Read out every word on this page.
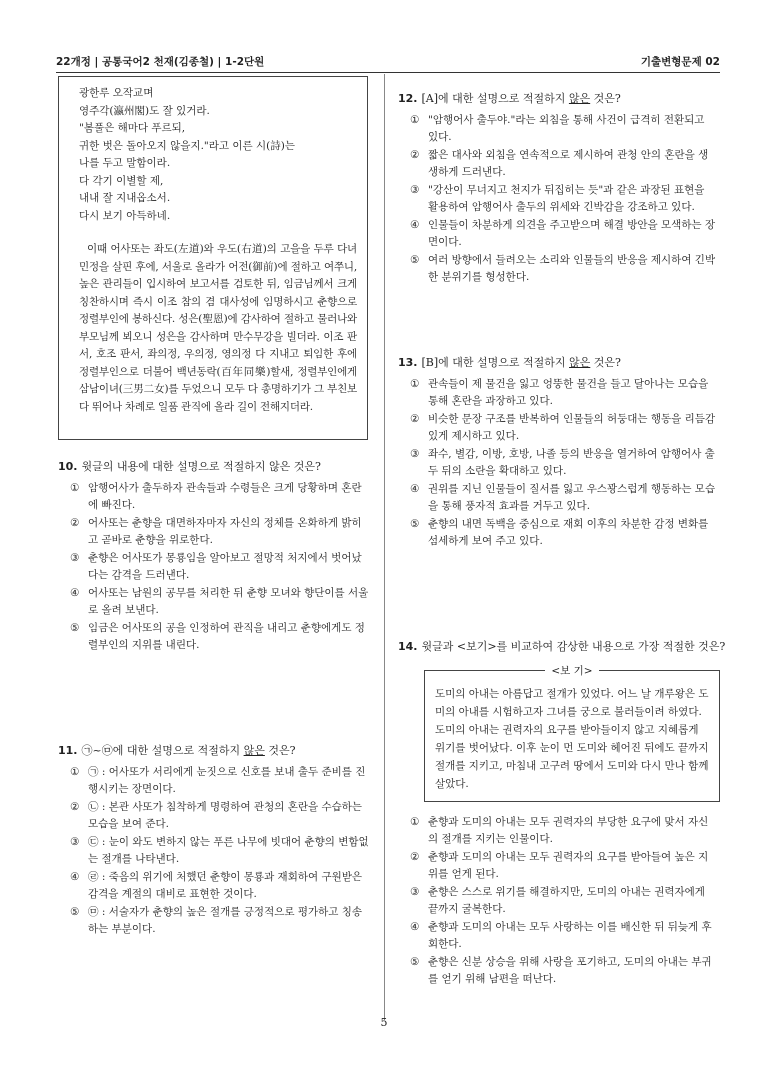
22개정 | 공통국어2 천재(김종철) | 1-2단원	기출변형문제 02
광한루 오작교며
영주각(瀛州閣)도 잘 있거라.
"봄풀은 해마다 푸르되,
귀한 벗은 돌아오지 않을지."라고 이른 시(詩)는
나를 두고 말함이라.
다 각기 이별할 제,
내내 잘 지내옵소서.
다시 보기 아득하네.
이때 어사또는 좌도(左道)와 우도(右道)의 고을을 두루 다녀 민정을 살핀 후에, 서울로 올라가 어전(御前)에 절하고 여쭈니, 높은 관리들이 입시하여 보고서를 검토한 뒤, 임금님께서 크게 칭찬하시며 즉시 이조 참의 겸 대사성에 임명하시고 춘향으로 정렬부인에 봉하신다. 성은(聖恩)에 감사하여 절하고 물러나와 부모님께 뵈오니 성은을 감사하며 만수무강을 빌더라. 이조 판서, 호조 판서, 좌의정, 우의정, 영의정 다 지내고 퇴임한 후에 정렬부인으로 더불어 백년동락(百年同樂)할새, 정렬부인에게 삼남이녀(三男二女)를 두었으니 모두 다 총명하기가 그 부친보다 뛰어나 차례로 일품 관직에 올라 길이 전해지더라.
10. 윗글의 내용에 대한 설명으로 적절하지 않은 것은?
① 암행어사가 출두하자 관속들과 수령들은 크게 당황하며 혼란에 빠진다.
② 어사또는 춘향을 대면하자마자 자신의 정체를 온화하게 밝히고 곧바로 춘향을 위로한다.
③ 춘향은 어사또가 몽룡임을 알아보고 절망적 처지에서 벗어났다는 감격을 드러낸다.
④ 어사또는 남원의 공무를 처리한 뒤 춘향 모녀와 향단이를 서울로 올려 보낸다.
⑤ 임금은 어사또의 공을 인정하여 관직을 내리고 춘향에게도 정렬부인의 지위를 내린다.
11. ㉠~㉤에 대한 설명으로 적절하지 않은 것은?
① ㉠ : 어사또가 서리에게 눈짓으로 신호를 보내 출두 준비를 진행시키는 장면이다.
② ㉡ : 본관 사또가 침착하게 명령하여 관청의 혼란을 수습하는 모습을 보여 준다.
③ ㉢ : 눈이 와도 변하지 않는 푸른 나무에 빗대어 춘향의 변함없는 절개를 나타낸다.
④ ㉣ : 죽음의 위기에 처했던 춘향이 몽룡과 재회하여 구원받은 감격을 계절의 대비로 표현한 것이다.
⑤ ㉤ : 서술자가 춘향의 높은 절개를 긍정적으로 평가하고 칭송하는 부분이다.
12. [A]에 대한 설명으로 적절하지 않은 것은?
① "암행어사 출두야."라는 외침을 통해 사건이 급격히 전환되고 있다.
② 짧은 대사와 외침을 연속적으로 제시하여 관청 안의 혼란을 생생하게 드러낸다.
③ "강산이 무너지고 천지가 뒤집히는 듯"과 같은 과장된 표현을 활용하여 암행어사 출두의 위세와 긴박감을 강조하고 있다.
④ 인물들이 차분하게 의견을 주고받으며 해결 방안을 모색하는 장면이다.
⑤ 여러 방향에서 들려오는 소리와 인물들의 반응을 제시하여 긴박한 분위기를 형성한다.
13. [B]에 대한 설명으로 적절하지 않은 것은?
① 관속들이 제 물건을 잃고 엉뚱한 물건을 들고 달아나는 모습을 통해 혼란을 과장하고 있다.
② 비슷한 문장 구조를 반복하여 인물들의 허둥대는 행동을 리듬감 있게 제시하고 있다.
③ 좌수, 별감, 이방, 호방, 나졸 등의 반응을 열거하여 암행어사 출두 뒤의 소란을 확대하고 있다.
④ 권위를 지닌 인물들이 질서를 잃고 우스꽝스럽게 행동하는 모습을 통해 풍자적 효과를 거두고 있다.
⑤ 춘향의 내면 독백을 중심으로 재회 이후의 차분한 감정 변화를 섬세하게 보여 주고 있다.
14. 윗글과 <보기>를 비교하여 감상한 내용으로 가장 적절한 것은?
<보 기>
도미의 아내는 아름답고 절개가 있었다. 어느 날 개루왕은 도미의 아내를 시험하고자 그녀를 궁으로 불러들이려 하였다. 도미의 아내는 권력자의 요구를 받아들이지 않고 지혜롭게 위기를 벗어났다. 이후 눈이 먼 도미와 헤어진 뒤에도 끝까지 절개를 지키고, 마침내 고구려 땅에서 도미와 다시 만나 함께 살았다.
① 춘향과 도미의 아내는 모두 권력자의 부당한 요구에 맞서 자신의 절개를 지키는 인물이다.
② 춘향과 도미의 아내는 모두 권력자의 요구를 받아들여 높은 지위를 얻게 된다.
③ 춘향은 스스로 위기를 해결하지만, 도미의 아내는 권력자에게 끝까지 굴복한다.
④ 춘향과 도미의 아내는 모두 사랑하는 이를 배신한 뒤 뒤늦게 후회한다.
⑤ 춘향은 신분 상승을 위해 사랑을 포기하고, 도미의 아내는 부귀를 얻기 위해 남편을 떠난다.
5
